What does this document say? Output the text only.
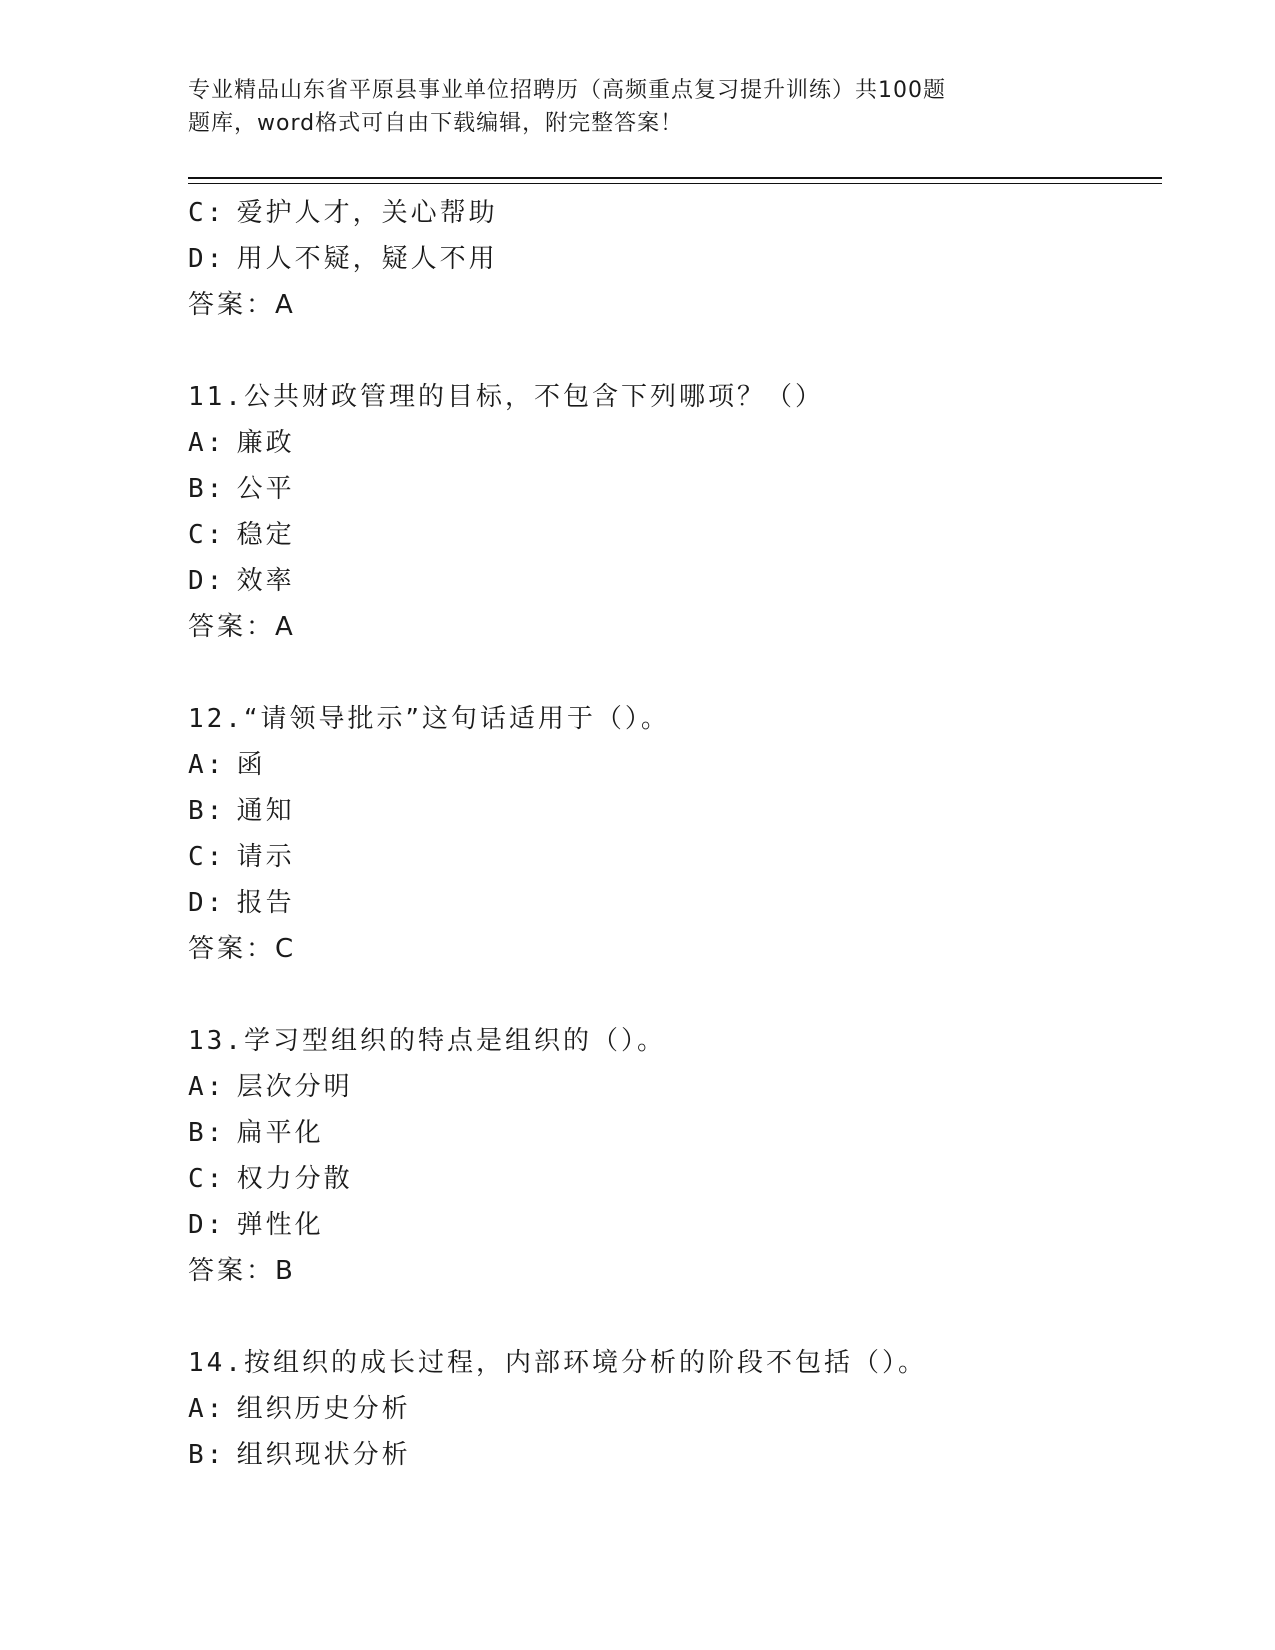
专业精品山东省平原县事业单位招聘历（高频重点复习提升训练）共100题
题库，word格式可自由下载编辑，附完整答案！
C: 爱护人才，关心帮助
D: 用人不疑，疑人不用
答案：A
11.公共财政管理的目标，不包含下列哪项？（）
A: 廉政
B: 公平
C: 稳定
D: 效率
答案：A
12.“请领导批示”这句话适用于（）。
A: 函
B: 通知
C: 请示
D: 报告
答案：C
13.学习型组织的特点是组织的（）。
A: 层次分明
B: 扁平化
C: 权力分散
D: 弹性化
答案：B
14.按组织的成长过程，内部环境分析的阶段不包括（）。
A: 组织历史分析
B: 组织现状分析
